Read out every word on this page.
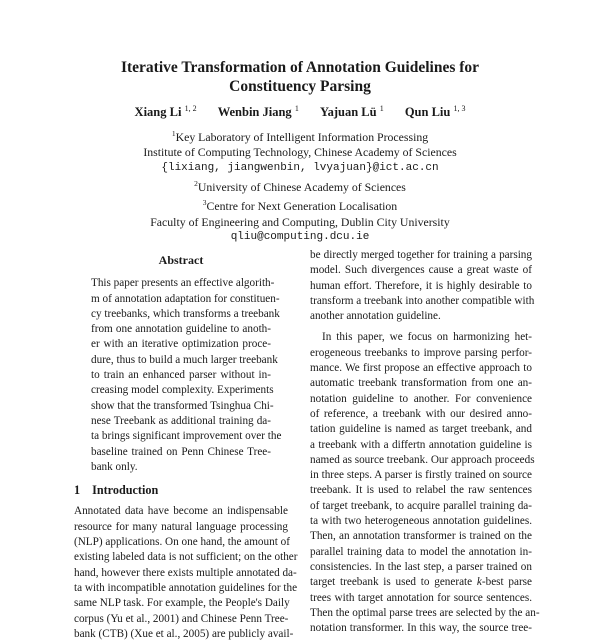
Iterative Transformation of Annotation Guidelines for
Constituency Parsing
Xiang Li $^{1, 2}$ Wenbin Jiang $^1$ Yajuan Lü $^1$ Qun Liu $^{1, 3}$
$^1$Key Laboratory of Intelligent Information Processing
Institute of Computing Technology, Chinese Academy of Sciences
{lixiang, jiangwenbin, lvyajuan}@ict.ac.cn
$^2$University of Chinese Academy of Sciences
$^3$Centre for Next Generation Localisation
Faculty of Engineering and Computing, Dublin City University
qliu@computing.dcu.ie
Abstract
This paper presents an effective algorith-
m of annotation adaptation for constituen-
cy treebanks, which transforms a treebank
from one annotation guideline to anoth-
er with an iterative optimization proce-
dure, thus to build a much larger treebank
to train an enhanced parser without in-
creasing model complexity. Experiments
show that the transformed Tsinghua Chi-
nese Treebank as additional training da-
ta brings significant improvement over the
baseline trained on Penn Chinese Tree-
bank only.
1 Introduction
Annotated data have become an indispensable
resource for many natural language processing
(NLP) applications. On one hand, the amount of
existing labeled data is not sufficient; on the other
hand, however there exists multiple annotated da-
ta with incompatible annotation guidelines for the
same NLP task. For example, the People's Daily
corpus (Yu et al., 2001) and Chinese Penn Tree-
bank (CTB) (Xue et al., 2005) are publicly avail-
be directly merged together for training a parsing
model. Such divergences cause a great waste of
human effort. Therefore, it is highly desirable to
transform a treebank into another compatible with
another annotation guideline.
In this paper, we focus on harmonizing het-
erogeneous treebanks to improve parsing perfor-
mance. We first propose an effective approach to
automatic treebank transformation from one an-
notation guideline to another. For convenience
of reference, a treebank with our desired anno-
tation guideline is named as target treebank, and
a treebank with a differtn annotation guideline is
named as source treebank. Our approach proceeds
in three steps. A parser is firstly trained on source
treebank. It is used to relabel the raw sentences
of target treebank, to acquire parallel training da-
ta with two heterogeneous annotation guidelines.
Then, an annotation transformer is trained on the
parallel training data to model the annotation in-
consistencies. In the last step, a parser trained on
target treebank is used to generate k-best parse
trees with target annotation for source sentences.
Then the optimal parse trees are selected by the an-
notation transformer. In this way, the source tree-
